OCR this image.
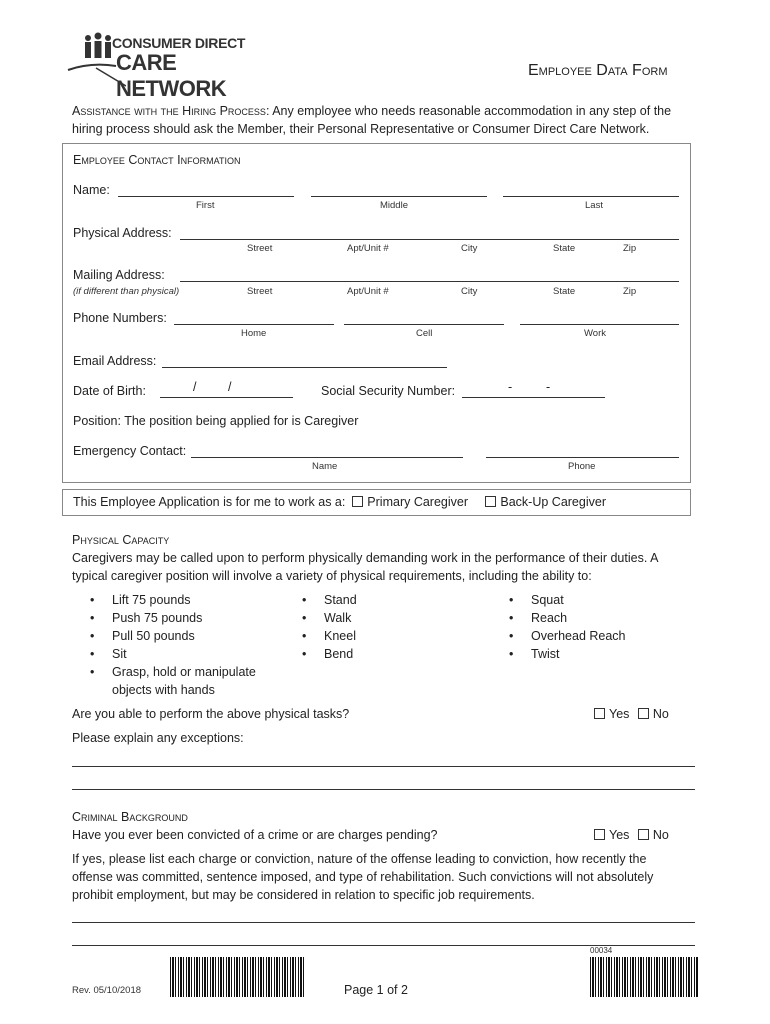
CONSUMER DIRECT
CARE NETWORK
Employee Data Form
Assistance with the Hiring Process: Any employee who needs reasonable accommodation in any step of the
hiring process should ask the Member, their Personal Representative or Consumer Direct Care Network.
Employee Contact Information
Name:
First	Middle	Last
Physical Address:
Street	Apt/Unit #	City	State	Zip
Mailing Address:
(if different than physical)	Street	Apt/Unit #	City	State	Zip
Phone Numbers:
Home	Cell	Work
Email Address:
Date of Birth:	/	/	Social Security Number:	-	-
Position: The position being applied for is Caregiver
Emergency Contact:
Name	Phone
This Employee Application is for me to work as a: Primary Caregiver	Back-Up Caregiver
Physical Capacity
Caregivers may be called upon to perform physically demanding work in the performance of their duties. A
typical caregiver position will involve a variety of physical requirements, including the ability to:
• Lift 75 pounds
• Push 75 pounds
• Pull 50 pounds
• Sit
• Grasp, hold or manipulate
objects with hands
• Stand
• Walk
• Kneel
• Bend
• Squat
• Reach
• Overhead Reach
• Twist
Are you able to perform the above physical tasks?	Yes No
Please explain any exceptions:
Criminal Background
Have you ever been convicted of a crime or are charges pending?	Yes No
If yes, please list each charge or conviction, nature of the offense leading to conviction, how recently the
offense was committed, sentence imposed, and type of rehabilitation. Such convictions will not absolutely
prohibit employment, but may be considered in relation to specific job requirements.
Rev. 05/10/2018	Page 1 of 2
00034
